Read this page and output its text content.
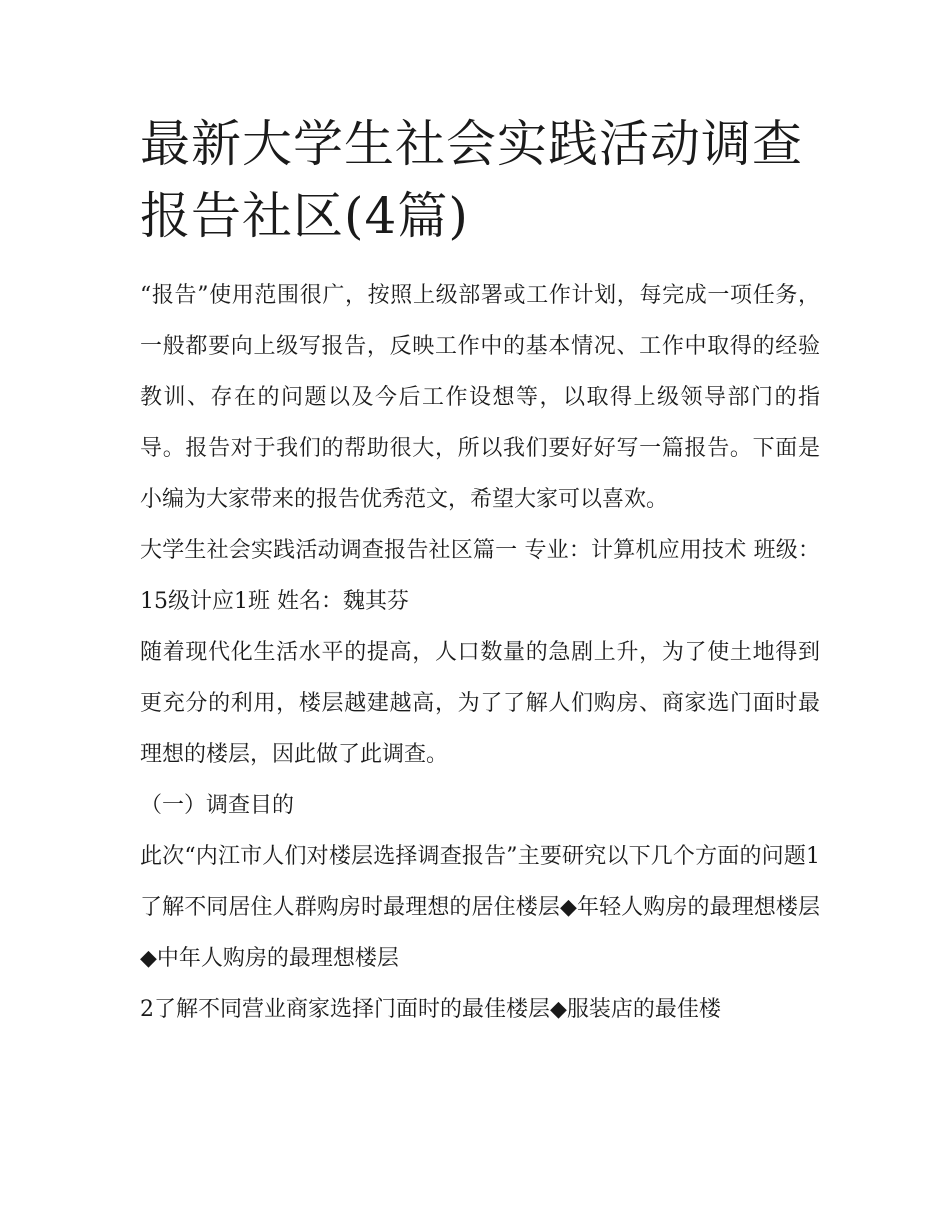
最新大学生社会实践活动调查报告社区(4篇)

“报告”使用范围很广，按照上级部署或工作计划，每完成一项任务，一般都要向上级写报告，反映工作中的基本情况、工作中取得的经验教训、存在的问题以及今后工作设想等，以取得上级领导部门的指导。报告对于我们的帮助很大，所以我们要好好写一篇报告。下面是小编为大家带来的报告优秀范文，希望大家可以喜欢。

大学生社会实践活动调查报告社区篇一 专业：计算机应用技术 班级：15级计应1班 姓名：魏其芬

随着现代化生活水平的提高，人口数量的急剧上升，为了使土地得到更充分的利用，楼层越建越高，为了了解人们购房、商家选门面时最理想的楼层，因此做了此调查。

（一）调查目的

此次“内江市人们对楼层选择调查报告”主要研究以下几个方面的问题1了解不同居住人群购房时最理想的居住楼层◆年轻人购房的最理想楼层◆中年人购房的最理想楼层

2了解不同营业商家选择门面时的最佳楼层◆服装店的最佳楼
